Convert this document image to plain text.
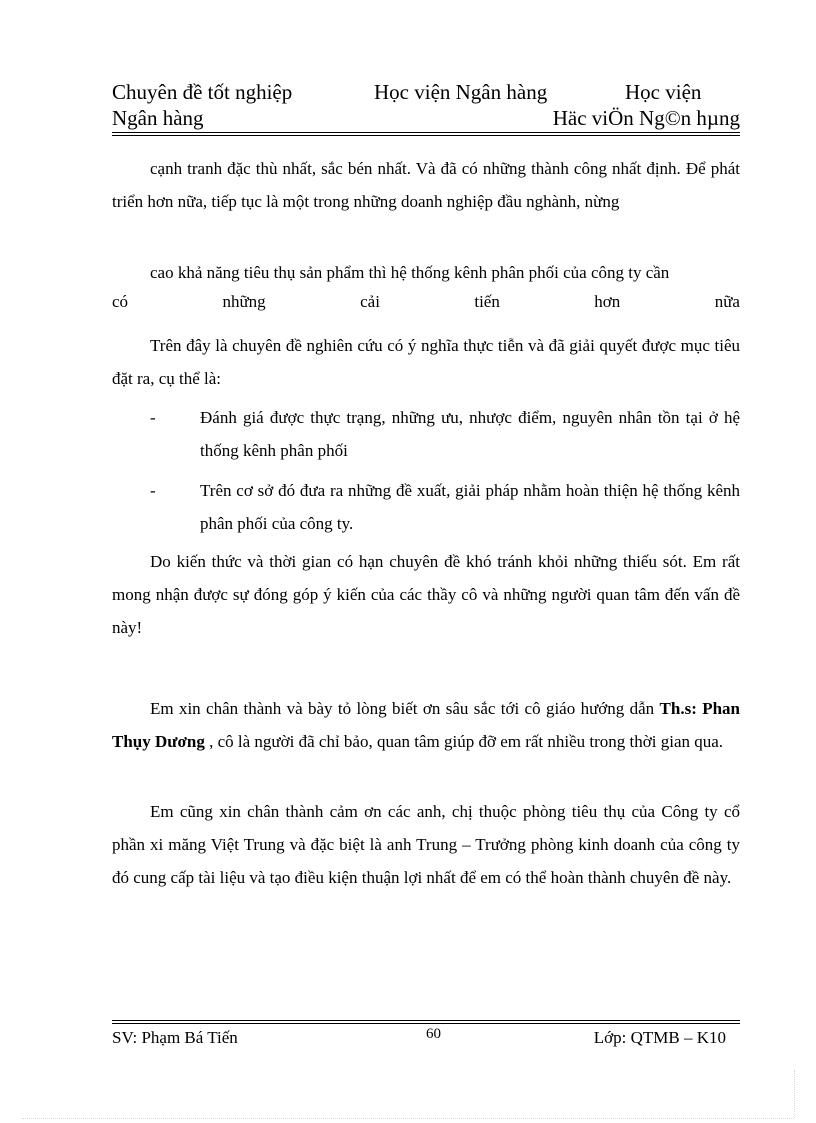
Chuyên đề tốt nghiệp	Học viện Ngân hàng	Học viện
Ngân hàng	Häc viÖn Ng©n hµng
cạnh tranh đặc thù nhất, sắc bén nhất. Và đã có những thành công nhất định. Để phát triển hơn nữa, tiếp tục là một trong những doanh nghiệp đầu nghành, nừng
cao khả năng tiêu thụ sản phẩm thì hệ thống kênh phân phối của công ty cần
có	những	cải	tiến	hơn	nữa
Trên đây là chuyên đề nghiên cứu có ý nghĩa thực tiễn và đã giải quyết được mục tiêu đặt ra, cụ thể là:
-	Đánh giá được thực trạng, những ưu, nhược điểm, nguyên nhân tồn tại ở hệ thống kênh phân phối
-	Trên cơ sở đó đưa ra những đề xuất, giải pháp nhằm hoàn thiện hệ thống kênh phân phối của công ty.
Do kiến thức và thời gian có hạn chuyên đề khó tránh khỏi những thiếu sót. Em rất mong nhận được sự đóng góp ý kiến của các thầy cô và những người quan tâm đến vấn đề này!
Em xin chân thành và bày tỏ lòng biết ơn sâu sắc tới cô giáo hướng dẫn Th.s: Phan Thụy Dương , cô là người đã chỉ bảo, quan tâm giúp đỡ em rất nhiều trong thời gian qua.
Em cũng xin chân thành cảm ơn các anh, chị thuộc phòng tiêu thụ của Công ty cổ phần xi măng Việt Trung và đặc biệt là anh Trung – Trưởng phòng kinh doanh của công ty đó cung cấp tài liệu và tạo điều kiện thuận lợi nhất để em có thể hoàn thành chuyên đề này.
SV: Phạm Bá Tiến	60	Lớp: QTMB – K10
